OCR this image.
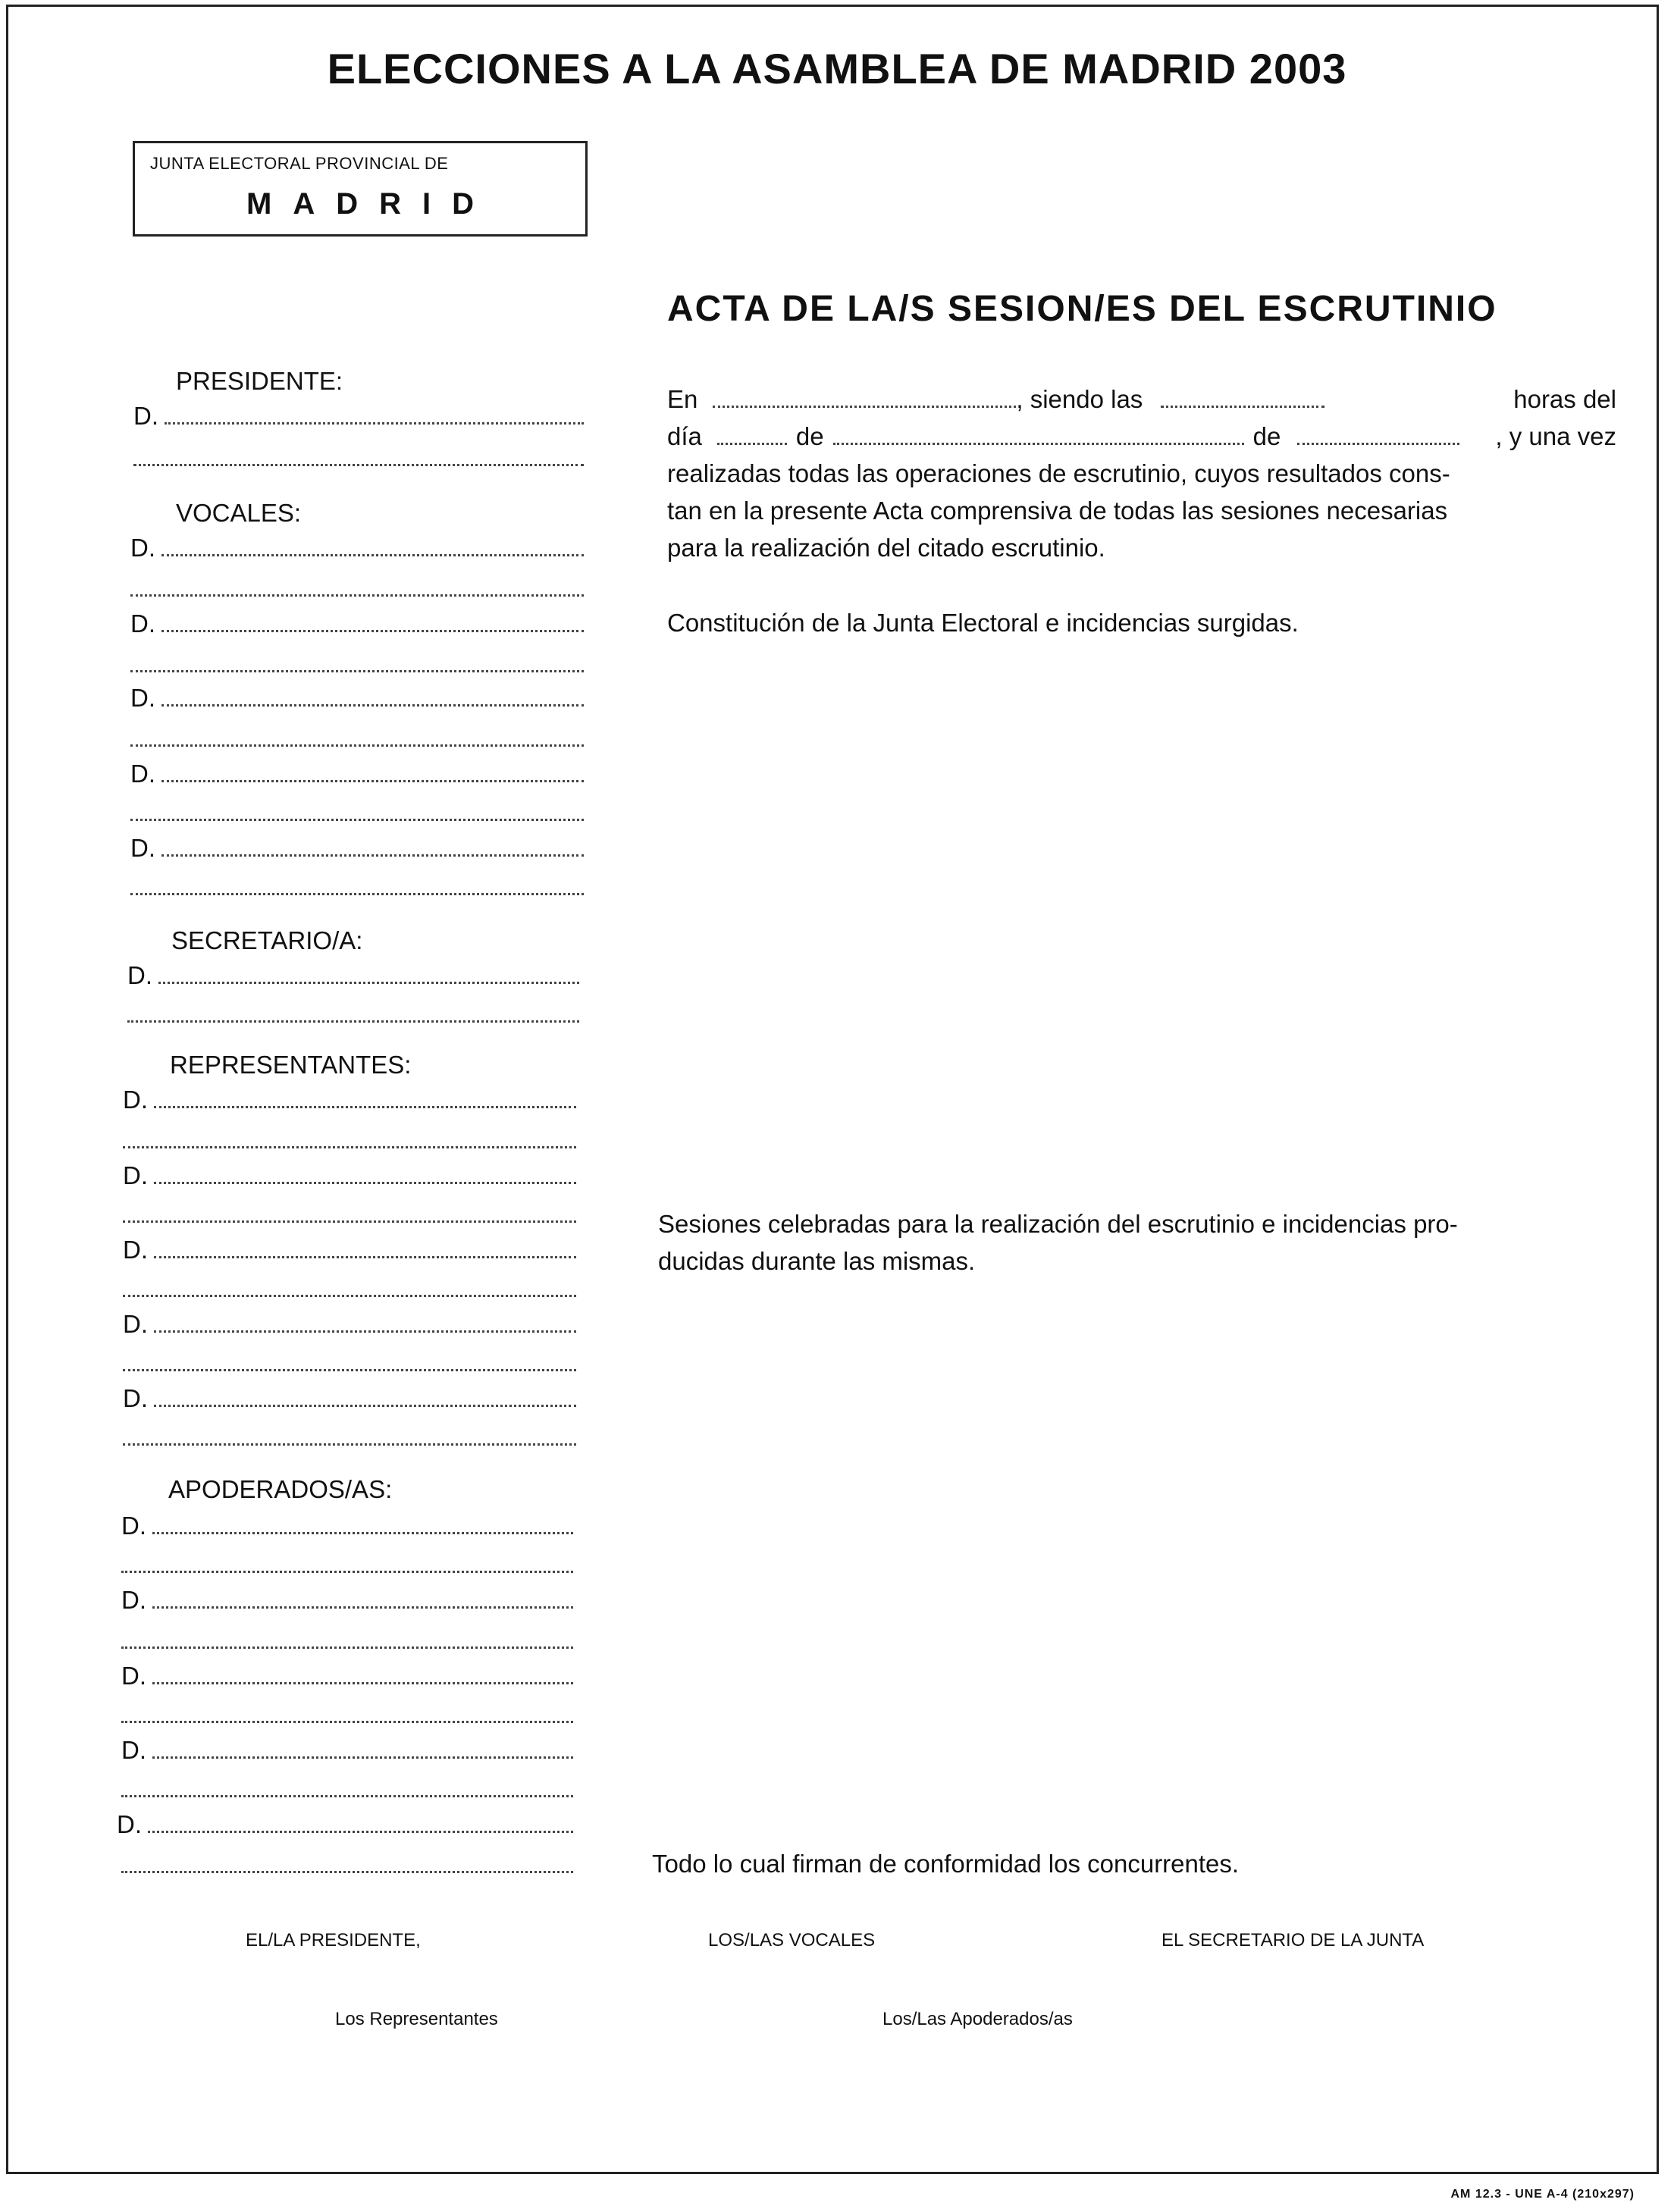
ELECCIONES A LA ASAMBLEA DE MADRID 2003
JUNTA ELECTORAL PROVINCIAL DE
MADRID
ACTA DE LA/S SESION/ES DEL ESCRUTINIO
PRESIDENTE:
D.
VOCALES:
D.
D.
D.
D.
D.
SECRETARIO/A:
D.
REPRESENTANTES:
D.
D.
D.
D.
D.
APODERADOS/AS:
D.
D.
D.
D.
D.
En	, siendo las	horas del
día	de	de	, y una vez
realizadas todas las operaciones de escrutinio, cuyos resultados cons-
tan en la presente Acta comprensiva de todas las sesiones necesarias
para la realización del citado escrutinio.
Constitución de la Junta Electoral e incidencias surgidas.
Sesiones celebradas para la realización del escrutinio e incidencias pro-
ducidas durante las mismas.
Todo lo cual firman de conformidad los concurrentes.
EL/LA PRESIDENTE,	LOS/LAS VOCALES	EL SECRETARIO DE LA JUNTA
Los Representantes	Los/Las Apoderados/as
AM 12.3 - UNE A-4 (210x297)
